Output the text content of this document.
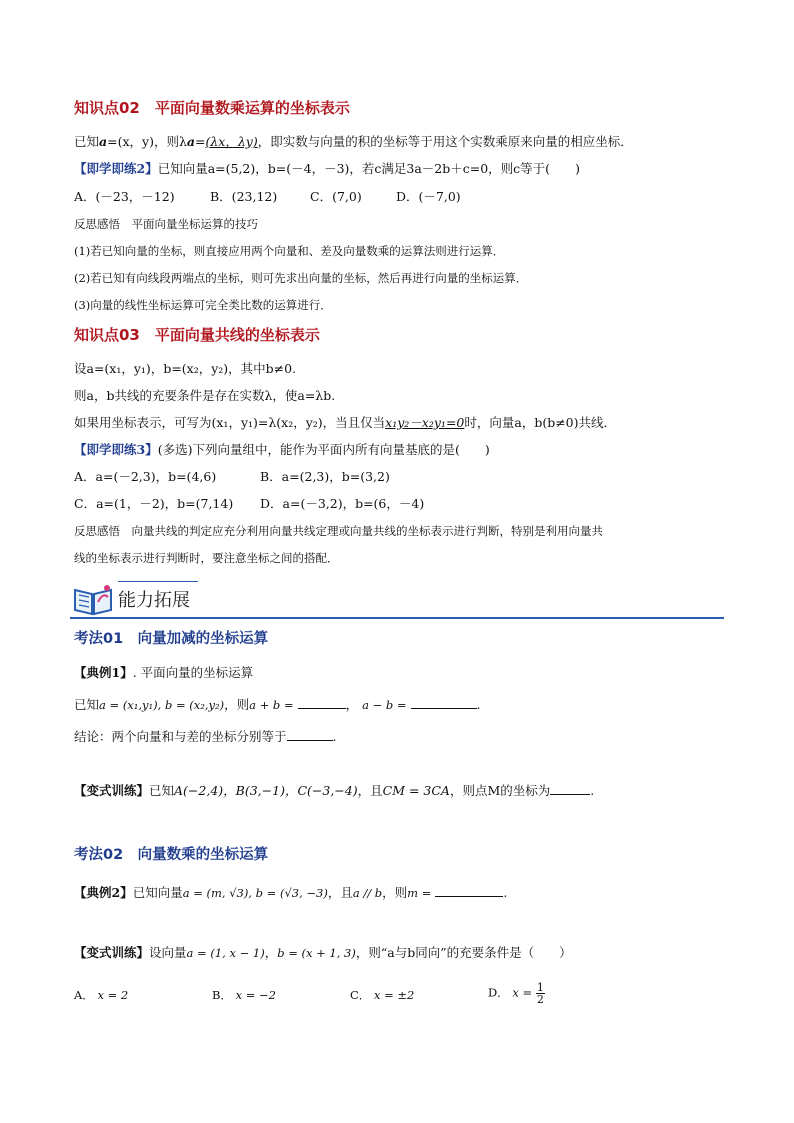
知识点02　平面向量数乘运算的坐标表示
已知a=(x，y)，则λa=(λx，λy)，即实数与向量的积的坐标等于用这个实数乘原来向量的相应坐标．
【即学即练2】已知向量a=(5,2)，b=(－4，－3)，若c满足3a－2b＋c=0，则c等于(　　)
A．(－23，－12)	B．(23,12)	C．(7,0)	D．(－7,0)
反思感悟　平面向量坐标运算的技巧
(1)若已知向量的坐标，则直接应用两个向量和、差及向量数乘的运算法则进行运算．
(2)若已知有向线段两端点的坐标，则可先求出向量的坐标，然后再进行向量的坐标运算．
(3)向量的线性坐标运算可完全类比数的运算进行．
知识点03　平面向量共线的坐标表示
设a=(x₁，y₁)，b=(x₂，y₂)，其中b≠0.
则a，b共线的充要条件是存在实数λ，使a=λb.
如果用坐标表示，可写为(x₁，y₁)=λ(x₂，y₂)，当且仅当x₁y₂－x₂y₁=0时，向量a，b(b≠0)共线．
【即学即练3】(多选)下列向量组中，能作为平面内所有向量基底的是(　　)
A．a=(－2,3)，b=(4,6)	B．a=(2,3)，b=(3,2)
C．a=(1，－2)，b=(7,14) D．a=(－3,2)，b=(6，－4)
反思感悟　向量共线的判定应充分利用向量共线定理或向量共线的坐标表示进行判断，特别是利用向量共
线的坐标表示进行判断时，要注意坐标之间的搭配．
能力拓展
考法01　向量加减的坐标运算
【典例1】. 平面向量的坐标运算
已知a = (x₁,y₁), b = (x₂,y₂)，则a + b =	， a − b =	.
结论：两个向量和与差的坐标分别等于	.
【变式训练】已知A(−2,4)，B(3,−1)，C(−3,−4)，且CM = 3CA，则点M的坐标为	.
考法02　向量数乘的坐标运算
【典例2】已知向量a = (m, √3), b = (√3, −3)，且a // b，则m =	.
【变式训练】设向量a = (1, x − 1)，b = (x + 1, 3)，则“a与b同向”的充要条件是（　　）
A． x = 2	B． x = −2	C． x = ±2	D． $x = \frac{1}{2}$
